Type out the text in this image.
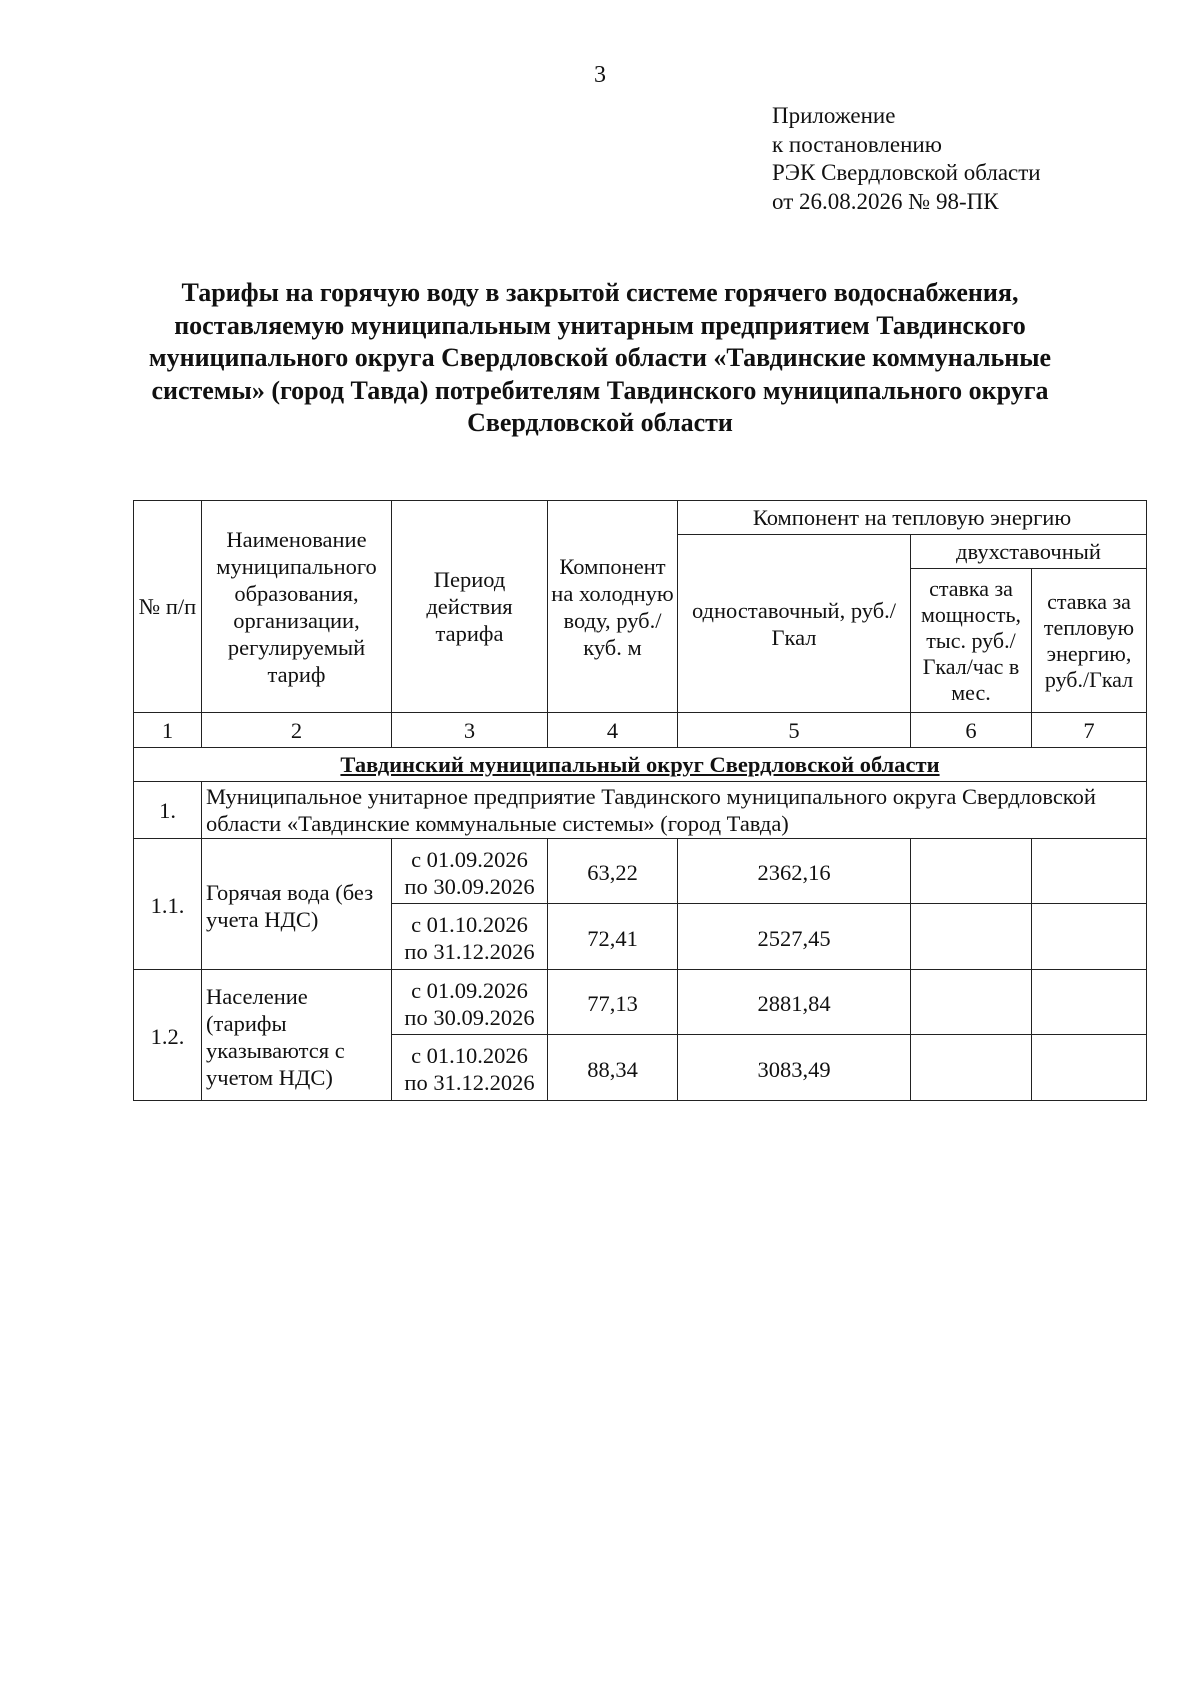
3
Приложение
к постановлению
РЭК Свердловской области
от 26.08.2026 № 98-ПК
Тарифы на горячую воду в закрытой системе горячего водоснабжения,
поставляемую муниципальным унитарным предприятием Тавдинского
муниципального округа Свердловской области «Тавдинские коммунальные
системы» (город Тавда) потребителям Тавдинского муниципального округа
Свердловской области
№ п/п	Наименование муниципального образования, организации, регулируемый тариф	Период действия тарифа	Компонент на холодную воду, руб./куб. м	Компонент на тепловую энергию		
				одноставочный, руб./Гкал	двухставочный	
					ставка за мощность, тыс. руб./Гкал/час в мес.	ставка за тепловую энергию, руб./Гкал
1	2	3	4	5	6	7
Тавдинский муниципальный округ Свердловской области						
1.	Муниципальное унитарное предприятие Тавдинского муниципального округа Свердловской области «Тавдинские коммунальные системы» (город Тавда)					
1.1.	Горячая вода (без учета НДС)	с 01.09.2026
по 30.09.2026	63,22	2362,16		

		с 01.10.2026
по 31.12.2026	72,41	2527,45		
1.2.	Население (тарифы указываются с учетом НДС)	с 01.09.2026
по 30.09.2026	77,13	2881,84		

		с 01.10.2026
по 31.12.2026	88,34	3083,49		
